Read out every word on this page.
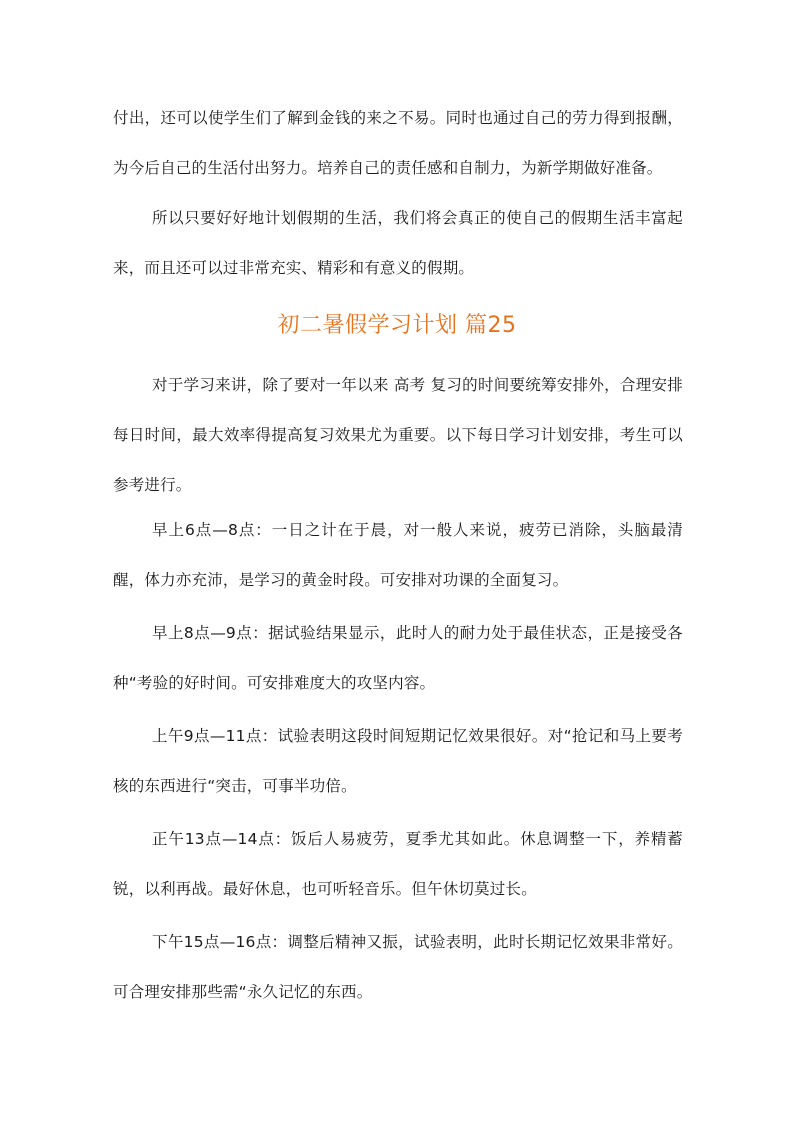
付出，还可以使学生们了解到金钱的来之不易。同时也通过自己的劳力得到报酬，为今后自己的生活付出努力。培养自己的责任感和自制力，为新学期做好准备。

所以只要好好地计划假期的生活，我们将会真正的使自己的假期生活丰富起来，而且还可以过非常充实、精彩和有意义的假期。

初二暑假学习计划 篇25

对于学习来讲，除了要对一年以来 高考 复习的时间要统筹安排外，合理安排每日时间，最大效率得提高复习效果尤为重要。以下每日学习计划安排，考生可以参考进行。

早上6点—8点：一日之计在于晨，对一般人来说，疲劳已消除，头脑最清醒，体力亦充沛，是学习的黄金时段。可安排对功课的全面复习。

早上8点—9点：据试验结果显示，此时人的耐力处于最佳状态，正是接受各种“考验的好时间。可安排难度大的攻坚内容。

上午9点—11点：试验表明这段时间短期记忆效果很好。对“抢记和马上要考核的东西进行“突击，可事半功倍。

正午13点—14点：饭后人易疲劳，夏季尤其如此。休息调整一下，养精蓄锐，以利再战。最好休息，也可听轻音乐。但午休切莫过长。

下午15点—16点：调整后精神又振，试验表明，此时长期记忆效果非常好。可合理安排那些需“永久记忆的东西。
